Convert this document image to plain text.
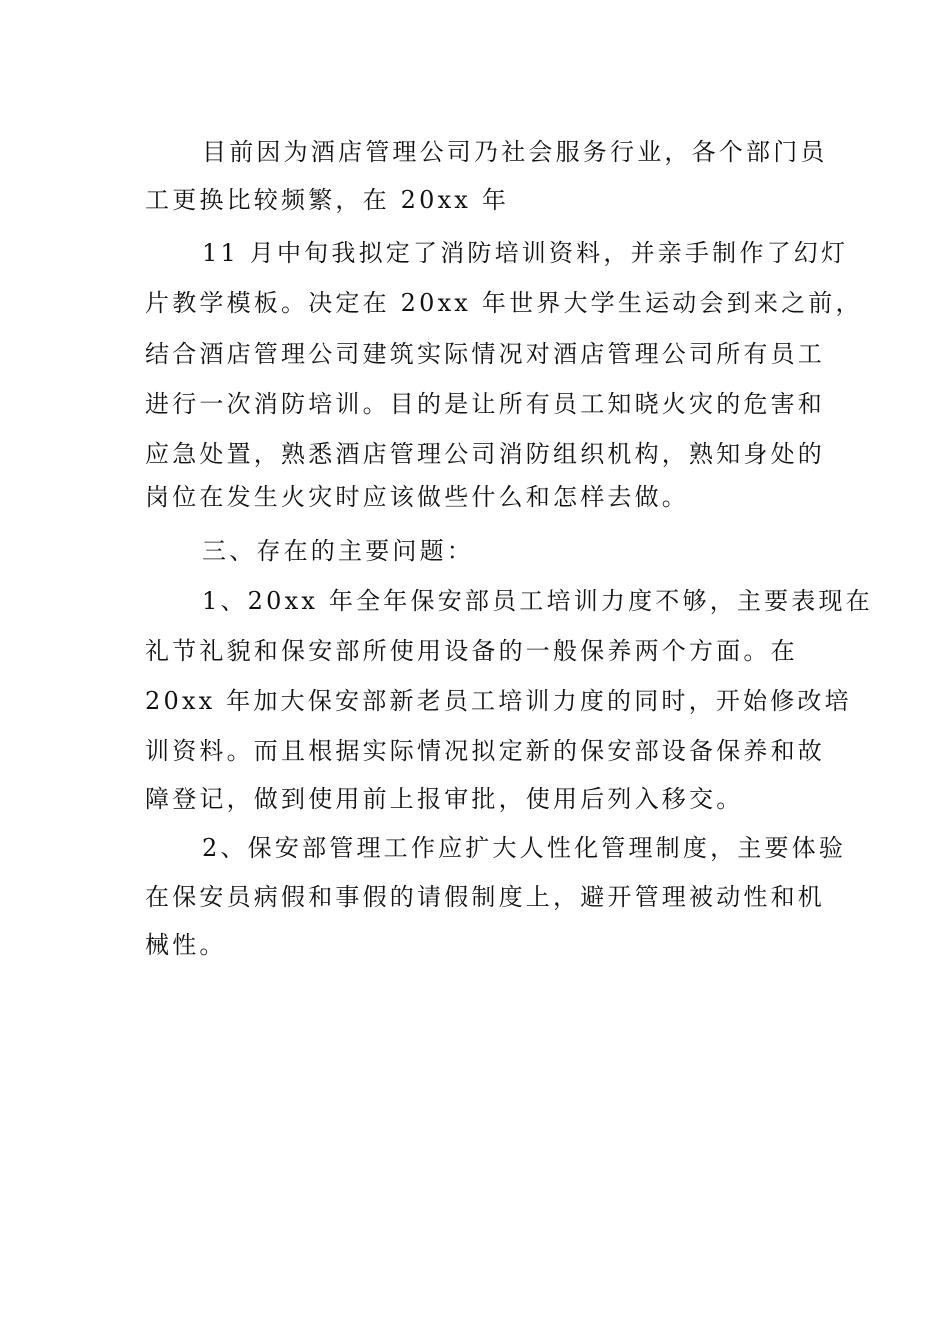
目前因为酒店管理公司乃社会服务行业，各个部门员
工更换比较频繁，在 20xx 年
11 月中旬我拟定了消防培训资料，并亲手制作了幻灯
片教学模板。决定在 20xx 年世界大学生运动会到来之前，
结合酒店管理公司建筑实际情况对酒店管理公司所有员工
进行一次消防培训。目的是让所有员工知晓火灾的危害和
应急处置，熟悉酒店管理公司消防组织机构，熟知身处的
岗位在发生火灾时应该做些什么和怎样去做。
三、存在的主要问题：
1、20xx 年全年保安部员工培训力度不够，主要表现在
礼节礼貌和保安部所使用设备的一般保养两个方面。在
20xx 年加大保安部新老员工培训力度的同时，开始修改培
训资料。而且根据实际情况拟定新的保安部设备保养和故
障登记，做到使用前上报审批，使用后列入移交。
2、保安部管理工作应扩大人性化管理制度，主要体验
在保安员病假和事假的请假制度上，避开管理被动性和机
械性。
